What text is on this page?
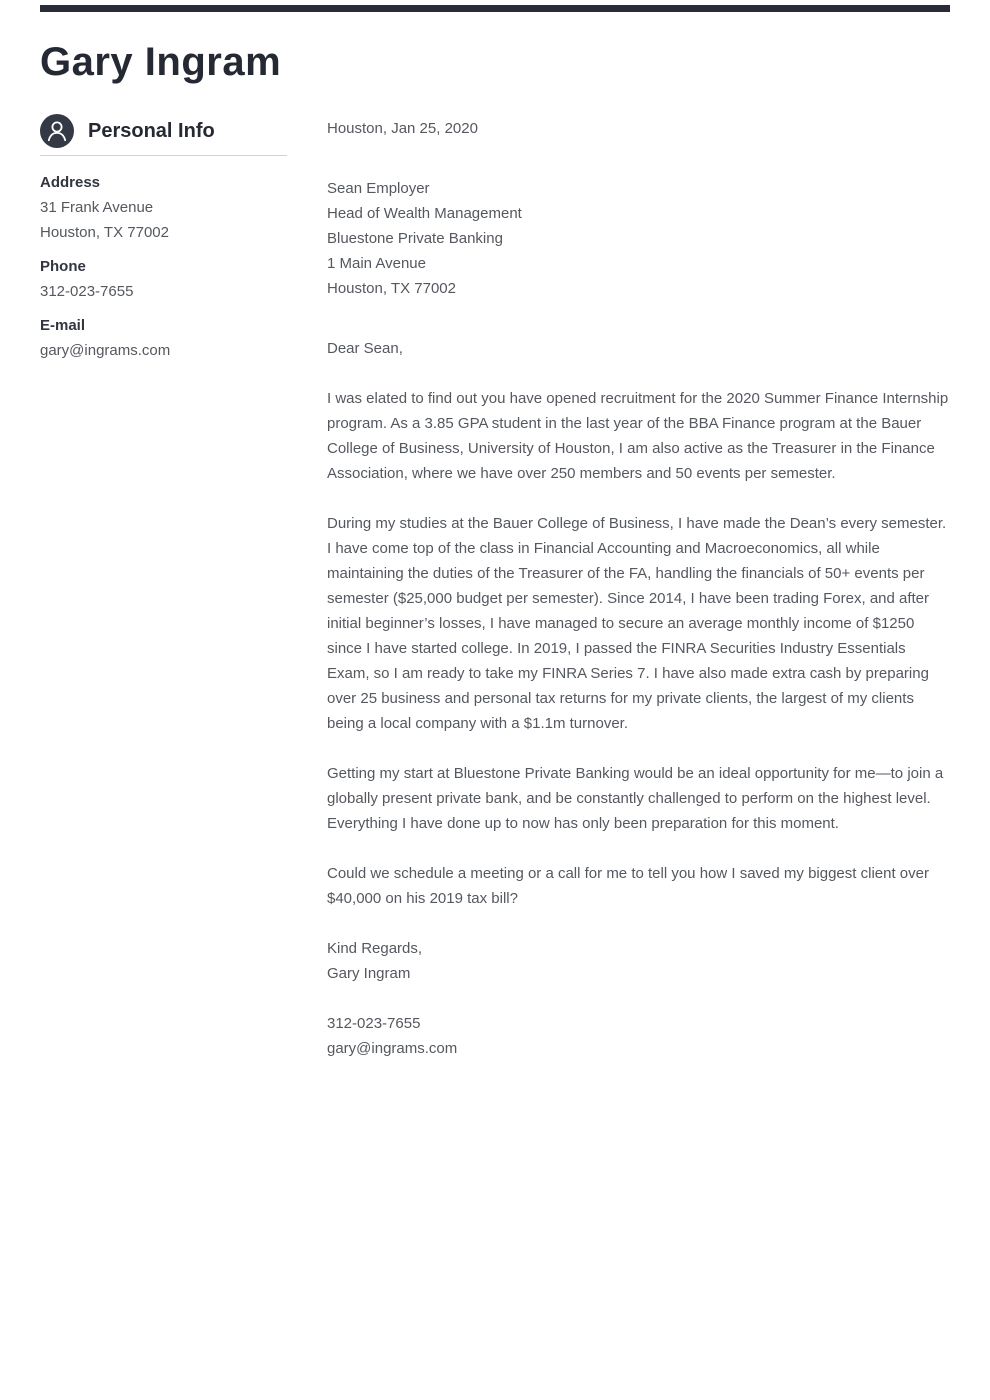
Gary Ingram
Personal Info
Address
31 Frank Avenue
Houston, TX 77002
Phone
312-023-7655
E-mail
gary@ingrams.com
Houston, Jan 25, 2020
Sean Employer
Head of Wealth Management
Bluestone Private Banking
1 Main Avenue
Houston, TX 77002
Dear Sean,

I was elated to find out you have opened recruitment for the 2020 Summer Finance Internship program. As a 3.85 GPA student in the last year of the BBA Finance program at the Bauer College of Business, University of Houston, I am also active as the Treasurer in the Finance Association, where we have over 250 members and 50 events per semester.

During my studies at the Bauer College of Business, I have made the Dean’s every semester. I have come top of the class in Financial Accounting and Macroeconomics, all while maintaining the duties of the Treasurer of the FA, handling the financials of 50+ events per semester ($25,000 budget per semester). Since 2014, I have been trading Forex, and after initial beginner’s losses, I have managed to secure an average monthly income of $1250 since I have started college. In 2019, I passed the FINRA Securities Industry Essentials Exam, so I am ready to take my FINRA Series 7. I have also made extra cash by preparing over 25 business and personal tax returns for my private clients, the largest of my clients being a local company with a $1.1m turnover.

Getting my start at Bluestone Private Banking would be an ideal opportunity for me—to join a globally present private bank, and be constantly challenged to perform on the highest level. Everything I have done up to now has only been preparation for this moment.

Could we schedule a meeting or a call for me to tell you how I saved my biggest client over $40,000 on his 2019 tax bill?

Kind Regards,
Gary Ingram
312-023-7655
gary@ingrams.com
